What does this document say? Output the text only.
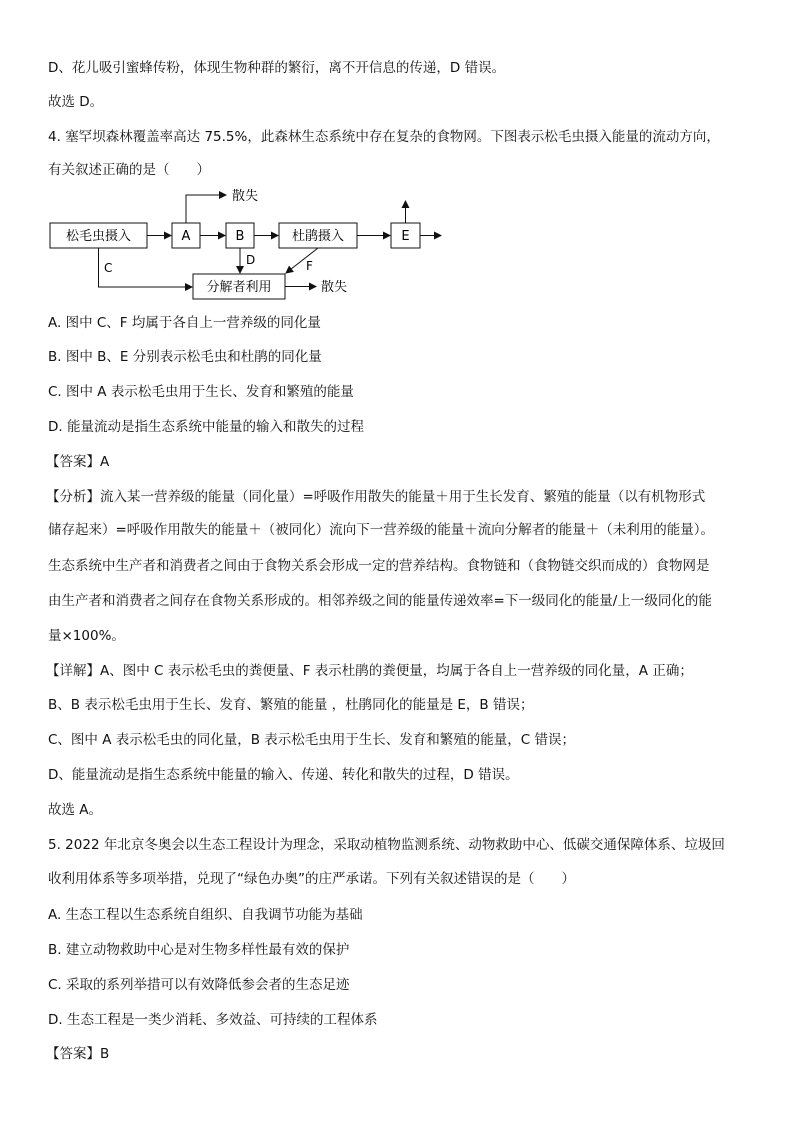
D、花儿吸引蜜蜂传粉，体现生物种群的繁衍，离不开信息的传递，D 错误。
故选 D。
4. 塞罕坝森林覆盖率高达 75.5%，此森林生态系统中存在复杂的食物网。下图表示松毛虫摄入能量的流动方向，
有关叙述正确的是（　　）
松毛虫摄入	A	B	杜鹃摄入	E
分解者利用
散失
C
D	F
散失
A. 图中 C、F 均属于各自上一营养级的同化量
B. 图中 B、E 分别表示松毛虫和杜鹃的同化量
C. 图中 A 表示松毛虫用于生长、发育和繁殖的能量
D. 能量流动是指生态系统中能量的输入和散失的过程
【答案】A
【分析】流入某一营养级的能量（同化量）=呼吸作用散失的能量＋用于生长发育、繁殖的能量（以有机物形式
储存起来）=呼吸作用散失的能量＋（被同化）流向下一营养级的能量＋流向分解者的能量＋（未利用的能量）。
生态系统中生产者和消费者之间由于食物关系会形成一定的营养结构。食物链和（食物链交织而成的）食物网是
由生产者和消费者之间存在食物关系形成的。相邻养级之间的能量传递效率=下一级同化的能量/上一级同化的能
量×100%。
【详解】A、图中 C 表示松毛虫的粪便量、F 表示杜鹃的粪便量，均属于各自上一营养级的同化量，A 正确；
B、B 表示松毛虫用于生长、发育、繁殖的能量 ，杜鹃同化的能量是 E，B 错误；
C、图中 A 表示松毛虫的同化量，B 表示松毛虫用于生长、发育和繁殖的能量，C 错误；
D、能量流动是指生态系统中能量的输入、传递、转化和散失的过程，D 错误。
故选 A。
5. 2022 年北京冬奥会以生态工程设计为理念，采取动植物监测系统、动物救助中心、低碳交通保障体系、垃圾回
收利用体系等多项举措，兑现了“绿色办奥”的庄严承诺。下列有关叙述错误的是（　　）
A. 生态工程以生态系统自组织、自我调节功能为基础
B. 建立动物救助中心是对生物多样性最有效的保护
C. 采取的系列举措可以有效降低参会者的生态足迹
D. 生态工程是一类少消耗、多效益、可持续的工程体系
【答案】B
